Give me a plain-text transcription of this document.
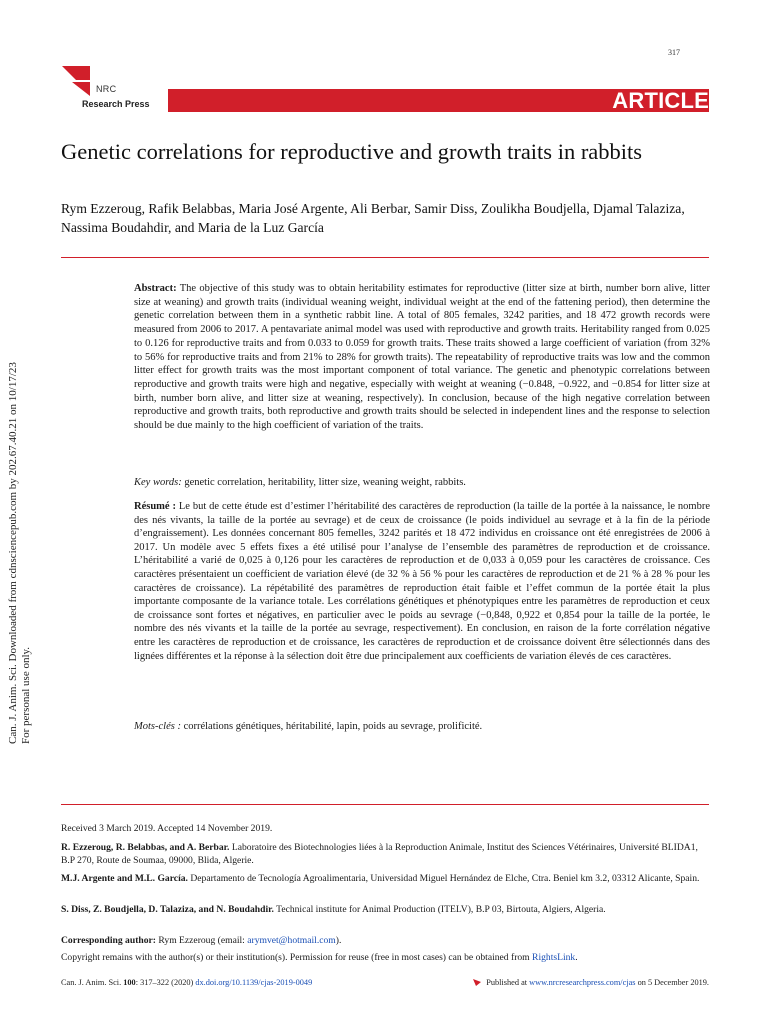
317
NRC
Research Press	ARTICLE
Genetic correlations for reproductive and growth traits in rabbits
Rym Ezzeroug, Rafik Belabbas, Maria José Argente, Ali Berbar, Samir Diss, Zoulikha Boudjella, Djamal Talaziza, Nassima Boudahdir, and Maria de la Luz García
Can. J. Anim. Sci. Downloaded from cdnsciencepub.com by 202.67.40.21 on 10/17/23 For personal use only.

Abstract: The objective of this study was to obtain heritability estimates for reproductive (litter size at birth, number born alive, litter size at weaning) and growth traits (individual weaning weight, individual weight at the end of the fattening period), then determine the genetic correlation between them in a synthetic rabbit line. A total of 805 females, 3242 parities, and 18 472 growth records were measured from 2006 to 2017. A pentavariate animal model was used with reproductive and growth traits. Heritability ranged from 0.025 to 0.126 for reproductive traits and from 0.033 to 0.059 for growth traits. These traits showed a large coefficient of variation (from 32% to 56% for reproductive traits and from 21% to 28% for growth traits). The repeatability of reproductive traits was low and the common litter effect for growth traits was the most important component of total variance. The genetic and phenotypic correlations between reproductive and growth traits were high and negative, especially with weight at weaning (−0.848, −0.922, and −0.854 for litter size at birth, number born alive, and litter size at weaning, respectively). In conclusion, because of the high negative correlation between reproductive and growth traits, both reproductive and growth traits should be selected in independent lines and the response to selection should be due mainly to the high coefficient of variation of the traits.

Key words: genetic correlation, heritability, litter size, weaning weight, rabbits.
Résumé : Le but de cette étude est d’estimer l’héritabilité des caractères de reproduction (la taille de la portée à la naissance, le nombre des nés vivants, la taille de la portée au sevrage) et de ceux de croissance (le poids individuel au sevrage et à la fin de la période d’engraissement). Les données concernant 805 femelles, 3242 parités et 18 472 individus en croissance ont été enregistrées de 2006 à 2017. Un modèle avec 5 effets fixes a été utilisé pour l’analyse de l’ensemble des paramètres de reproduction et de croissance. L’héritabilité a varié de 0,025 à 0,126 pour les caractères de reproduction et de 0,033 à 0,059 pour les caractères de croissance. Ces caractères présentaient un coefficient de variation élevé (de 32 % à 56 % pour les caractères de reproduction et de 21 % à 28 % pour les caractères de croissance). La répétabilité des paramètres de reproduction était faible et l’effet commun de la portée était la plus importante composante de la variance totale. Les corrélations génétiques et phénotypiques entre les paramètres de reproduction et ceux de croissance sont fortes et négatives, en particulier avec le poids au sevrage (−0,848, 0,922 et 0,854 pour la taille de la portée, le nombre des nés vivants et la taille de la portée au sevrage, respectivement). En conclusion, en raison de la forte corrélation négative entre les caractères de reproduction et de croissance, les caractères de reproduction et de croissance doivent être sélectionnés dans des lignées différentes et la réponse à la sélection doit être due principalement aux coefficients de variation élevés de ces caractères.
Mots-clés : corrélations génétiques, héritabilité, lapin, poids au sevrage, prolificité.
Received 3 March 2019. Accepted 14 November 2019.
R. Ezzeroug, R. Belabbas, and A. Berbar. Laboratoire des Biotechnologies liées à la Reproduction Animale, Institut des Sciences Vétérinaires, Université BLIDA1, B.P 270, Route de Soumaa, 09000, Blida, Algerie.
M.J. Argente and M.L. García. Departamento de Tecnología Agroalimentaria, Universidad Miguel Hernández de Elche, Ctra. Beniel km 3.2, 03312 Alicante, Spain.
S. Diss, Z. Boudjella, D. Talaziza, and N. Boudahdir. Technical institute for Animal Production (ITELV), B.P 03, Birtouta, Algiers, Algeria.
Corresponding author: Rym Ezzeroug (email: arymvet@hotmail.com).
Copyright remains with the author(s) or their institution(s). Permission for reuse (free in most cases) can be obtained from RightsLink.
Can. J. Anim. Sci. 100: 317–322 (2020) dx.doi.org/10.1139/cjas-2019-0049	Published at www.nrcresearchpress.com/cjas on 5 December 2019.
